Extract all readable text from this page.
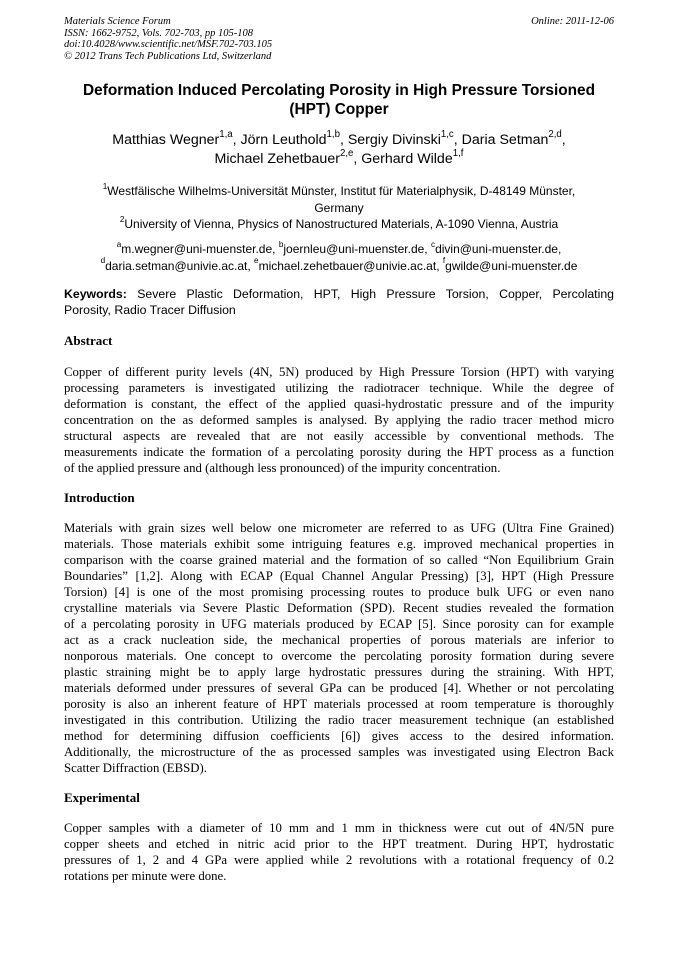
Materials Science Forum
ISSN: 1662-9752, Vols. 702-703, pp 105-108
doi:10.4028/www.scientific.net/MSF.702-703.105
© 2012 Trans Tech Publications Ltd, Switzerland
Online: 2011-12-06
Deformation Induced Percolating Porosity in High Pressure Torsioned
(HPT) Copper
Matthias Wegner$^{1,a}$, Jörn Leuthold$^{1,b}$, Sergiy Divinski$^{1,c}$, Daria Setman$^{2,d}$,
Michael Zehetbauer$^{2,e}$, Gerhard Wilde$^{1,f}$
$^1$Westfälische Wilhelms-Universität Münster, Institut für Materialphysik, D-48149 Münster,
Germany
$^2$University of Vienna, Physics of Nanostructured Materials, A-1090 Vienna, Austria
$^a$m.wegner@uni-muenster.de, $^b$joernleu@uni-muenster.de, $^c$divin@uni-muenster.de,
$^d$daria.setman@univie.ac.at, $^e$michael.zehetbauer@univie.ac.at, $^f$gwilde@uni-muenster.de
Keywords: Severe Plastic Deformation, HPT, High Pressure Torsion, Copper, Percolating
Porosity, Radio Tracer Diffusion
Abstract
Copper of different purity levels (4N, 5N) produced by High Pressure Torsion (HPT) with varying
processing parameters is investigated utilizing the radiotracer technique. While the degree of
deformation is constant, the effect of the applied quasi-hydrostatic pressure and of the impurity
concentration on the as deformed samples is analysed. By applying the radio tracer method micro
structural aspects are revealed that are not easily accessible by conventional methods. The
measurements indicate the formation of a percolating porosity during the HPT process as a function
of the applied pressure and (although less pronounced) of the impurity concentration.
Introduction
Materials with grain sizes well below one micrometer are referred to as UFG (Ultra Fine Grained)
materials. Those materials exhibit some intriguing features e.g. improved mechanical properties in
comparison with the coarse grained material and the formation of so called “Non Equilibrium Grain
Boundaries” [1,2]. Along with ECAP (Equal Channel Angular Pressing) [3], HPT (High Pressure
Torsion) [4] is one of the most promising processing routes to produce bulk UFG or even nano
crystalline materials via Severe Plastic Deformation (SPD). Recent studies revealed the formation
of a percolating porosity in UFG materials produced by ECAP [5]. Since porosity can for example
act as a crack nucleation side, the mechanical properties of porous materials are inferior to
nonporous materials. One concept to overcome the percolating porosity formation during severe
plastic straining might be to apply large hydrostatic pressures during the straining. With HPT,
materials deformed under pressures of several GPa can be produced [4]. Whether or not percolating
porosity is also an inherent feature of HPT materials processed at room temperature is thoroughly
investigated in this contribution. Utilizing the radio tracer measurement technique (an established
method for determining diffusion coefficients [6]) gives access to the desired information.
Additionally, the microstructure of the as processed samples was investigated using Electron Back
Scatter Diffraction (EBSD).
Experimental
Copper samples with a diameter of 10 mm and 1 mm in thickness were cut out of 4N/5N pure
copper sheets and etched in nitric acid prior to the HPT treatment. During HPT, hydrostatic
pressures of 1, 2 and 4 GPa were applied while 2 revolutions with a rotational frequency of 0.2
rotations per minute were done.
